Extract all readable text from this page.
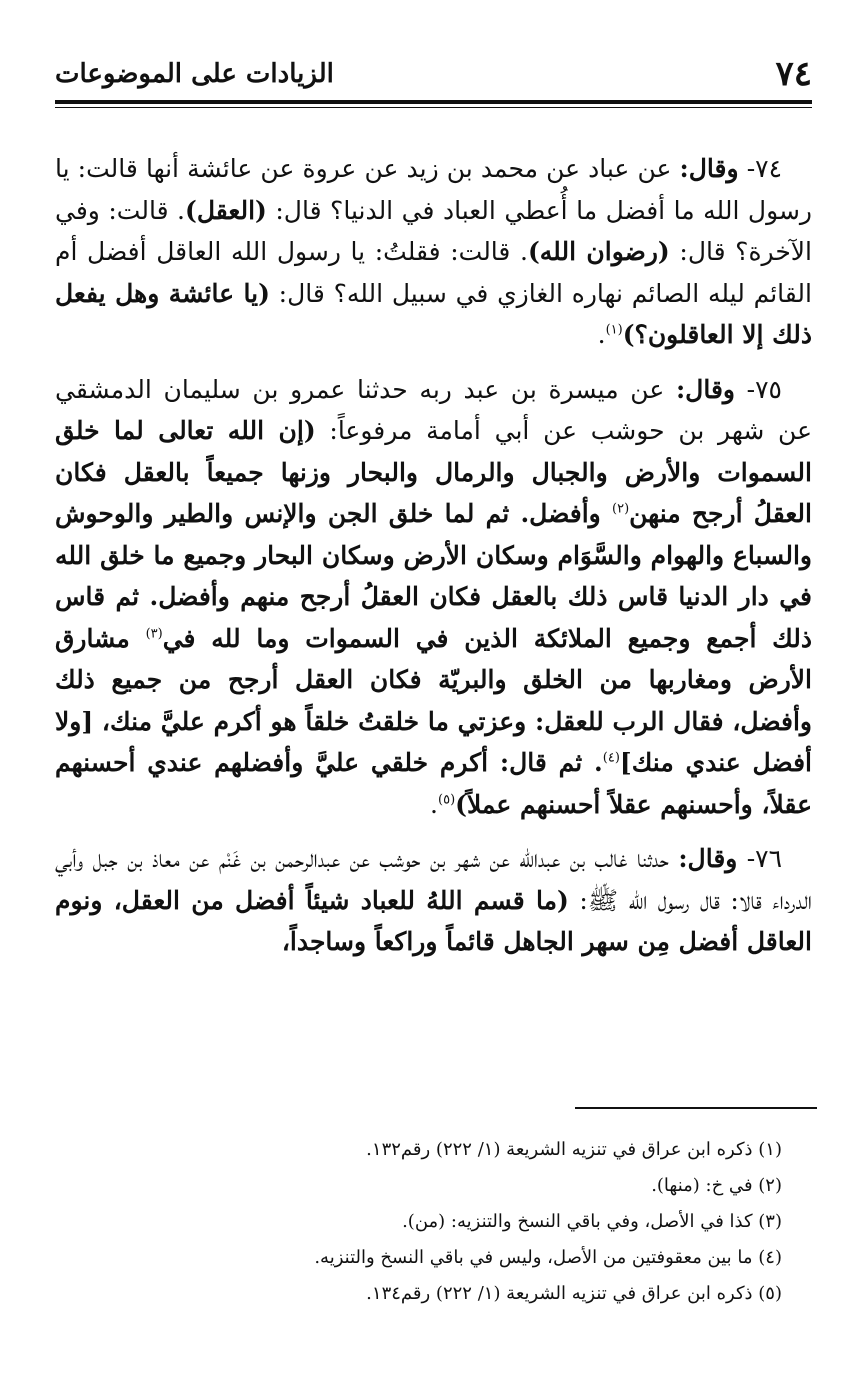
٧٤
الزيادات على الموضوعات

٧٤- وقال: عن عباد عن محمد بن زيد عن عروة عن عائشة أنها قالت: يا رسول الله ما أفضل ما أُعطي العباد في الدنيا؟ قال: (العقل). قالت: وفي الآخرة؟ قال: (رضوان الله). قالت: فقلتُ: يا رسول الله العاقل أفضل أم القائم ليله الصائم نهاره الغازي في سبيل الله؟ قال: (يا عائشة وهل يفعل ذلك إلا العاقلون؟)$^{(١)}$.

٧٥- وقال: عن ميسرة بن عبد ربه حدثنا عمرو بن سليمان الدمشقي عن شهر بن حوشب عن أبي أمامة مرفوعاً: (إن الله تعالى لما خلق السموات والأرض والجبال والرمال والبحار وزنها جميعاً بالعقل فكان العقلُ أرجح منهن$^{(٢)}$ وأفضل. ثم لما خلق الجن والإنس والطير والوحوش والسباع والهوام والسَّوَام وسكان الأرض وسكان البحار وجميع ما خلق الله في دار الدنيا قاس ذلك بالعقل فكان العقلُ أرجح منهم وأفضل. ثم قاس ذلك أجمع وجميع الملائكة الذين في السموات وما لله في$^{(٣)}$ مشارق الأرض ومغاربها من الخلق والبريّة فكان العقل أرجح من جميع ذلك وأفضل، فقال الرب للعقل: وعزتي ما خلقتُ خلقاً هو أكرم عليَّ منك، [ولا أفضل عندي منك]$^{(٤)}$. ثم قال: أكرم خلقي عليَّ وأفضلهم عندي أحسنهم عقلاً، وأحسنهم عقلاً أحسنهم عملاً)$^{(٥)}$.

٧٦- وقال: حدثنا غالب بن عبدالله عن شهر بن حوشب عن عبدالرحمن بن غَنْم عن معاذ بن جبل وأبي الدرداء قالا: قال رسول الله ﷺ: (ما قسم اللهُ للعباد شيئاً أفضل من العقل، ونوم العاقل أفضل مِن سهر الجاهل قائماً وراكعاً وساجداً،

(١) ذكره ابن عراق في تنزيه الشريعة (١/ ٢٢٢) رقم١٣٢.

(٢) في خ: (منها).

(٣) كذا في الأصل، وفي باقي النسخ والتنزيه: (من).

(٤) ما بين معقوفتين من الأصل، وليس في باقي النسخ والتنزيه.

(٥) ذكره ابن عراق في تنزيه الشريعة (١/ ٢٢٢) رقم١٣٤.
